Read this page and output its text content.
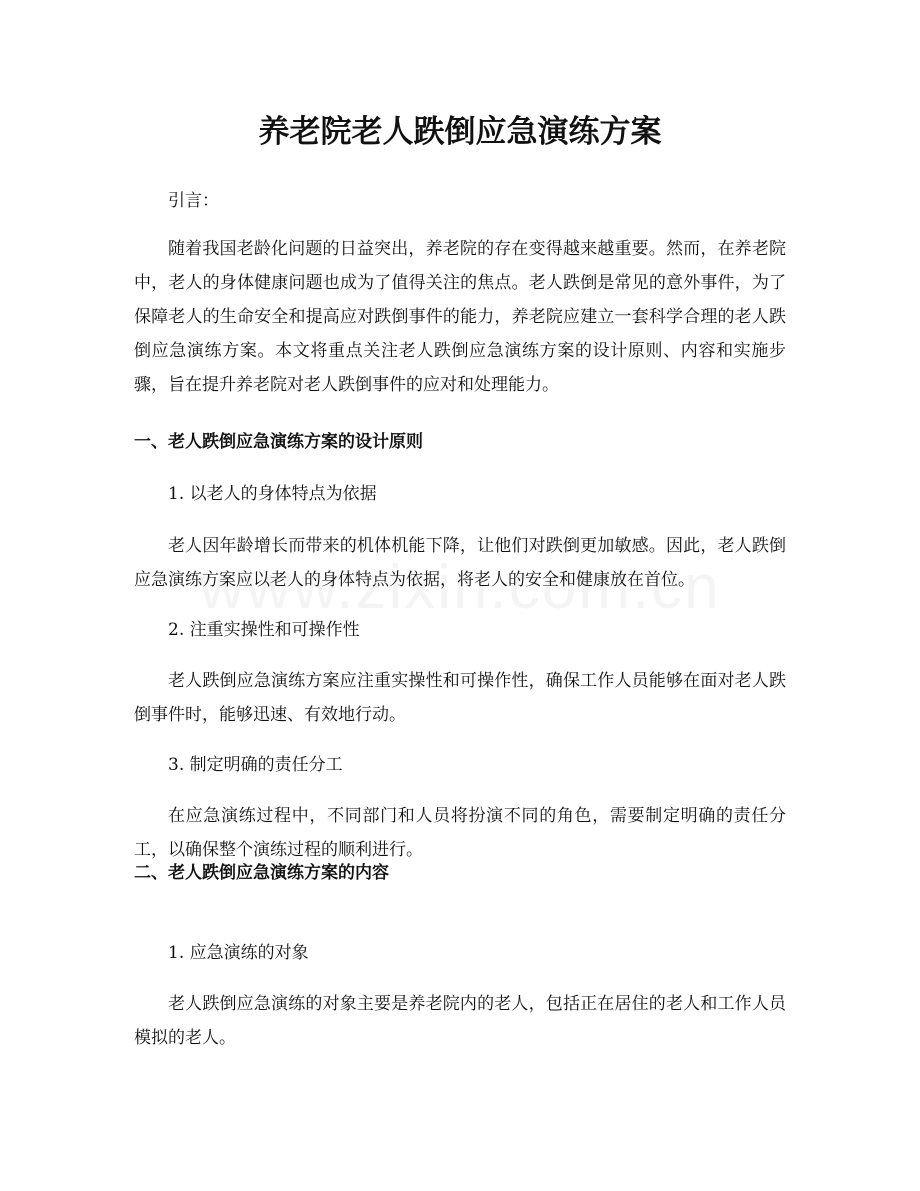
养老院老人跌倒应急演练方案

引言：

随着我国老龄化问题的日益突出，养老院的存在变得越来越重要。然而，在养老院中，老人的身体健康问题也成为了值得关注的焦点。老人跌倒是常见的意外事件，为了保障老人的生命安全和提高应对跌倒事件的能力，养老院应建立一套科学合理的老人跌倒应急演练方案。本文将重点关注老人跌倒应急演练方案的设计原则、内容和实施步骤，旨在提升养老院对老人跌倒事件的应对和处理能力。

一、老人跌倒应急演练方案的设计原则

1. 以老人的身体特点为依据

老人因年龄增长而带来的机体机能下降，让他们对跌倒更加敏感。因此，老人跌倒应急演练方案应以老人的身体特点为依据，将老人的安全和健康放在首位。

2. 注重实操性和可操作性

老人跌倒应急演练方案应注重实操性和可操作性，确保工作人员能够在面对老人跌倒事件时，能够迅速、有效地行动。

3. 制定明确的责任分工

在应急演练过程中，不同部门和人员将扮演不同的角色，需要制定明确的责任分工，以确保整个演练过程的顺利进行。

二、老人跌倒应急演练方案的内容

1. 应急演练的对象

老人跌倒应急演练的对象主要是养老院内的老人，包括正在居住的老人和工作人员模拟的老人。
